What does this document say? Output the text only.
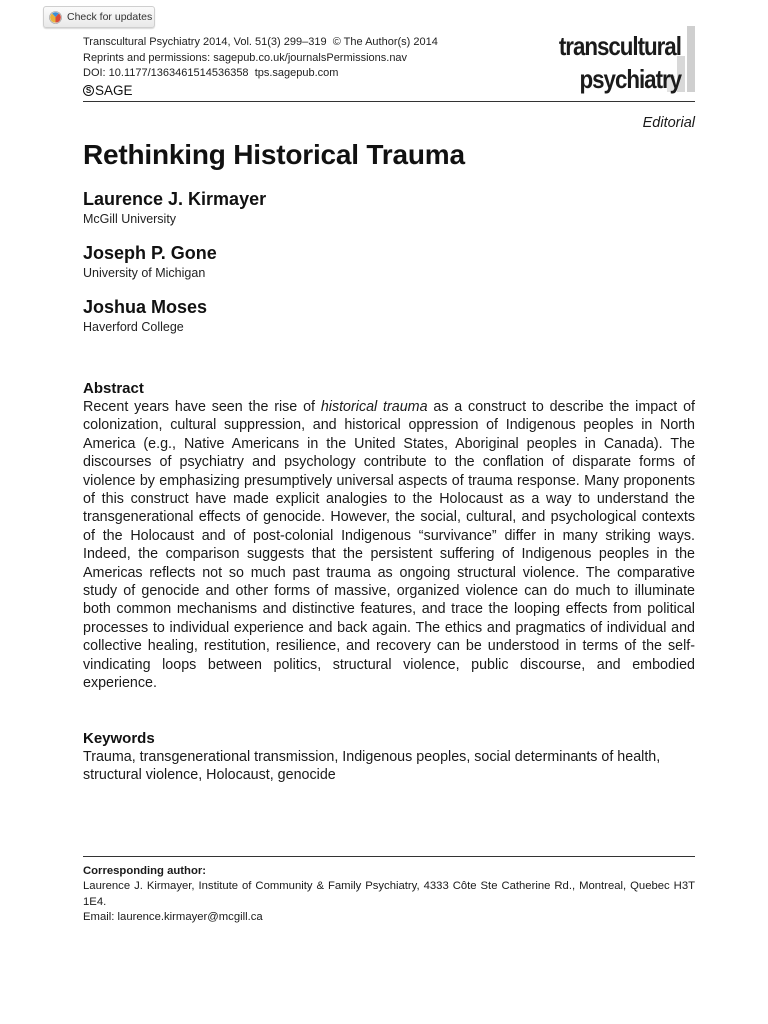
Check for updates
Transcultural Psychiatry 2014, Vol. 51(3) 299–319 © The Author(s) 2014
Reprints and permissions: sagepub.co.uk/journalsPermissions.nav
DOI: 10.1177/1363461514536358 tps.sagepub.com
S SAGE
transcultural
psychiatry
Editorial
Rethinking Historical Trauma
Laurence J. Kirmayer
McGill University
Joseph P. Gone
University of Michigan
Joshua Moses
Haverford College
Abstract

Recent years have seen the rise of historical trauma as a construct to describe the impact of colonization, cultural suppression, and historical oppression of Indigenous peoples in North America (e.g., Native Americans in the United States, Aboriginal peoples in Canada). The discourses of psychiatry and psychology contribute to the conflation of disparate forms of violence by emphasizing presumptively universal aspects of trauma response. Many proponents of this construct have made explicit analogies to the Holocaust as a way to understand the transgenerational effects of genocide. However, the social, cultural, and psychological contexts of the Holocaust and of post-colonial Indigenous “survivance” differ in many striking ways. Indeed, the comparison suggests that the persistent suffering of Indigenous peoples in the Americas reflects not so much past trauma as ongoing structural violence. The comparative study of genocide and other forms of massive, organized violence can do much to illuminate both common mechanisms and distinctive features, and trace the looping effects from political processes to individual experience and back again. The ethics and pragmatics of individual and collective healing, restitution, resilience, and recovery can be understood in terms of the self-vindicating loops between politics, structural violence, public discourse, and embodied experience.

Keywords

Trauma, transgenerational transmission, Indigenous peoples, social determinants of health, structural violence, Holocaust, genocide

Corresponding author:
Laurence J. Kirmayer, Institute of Community & Family Psychiatry, 4333 Côte Ste Catherine Rd., Montreal, Quebec H3T 1E4.
Email: laurence.kirmayer@mcgill.ca
